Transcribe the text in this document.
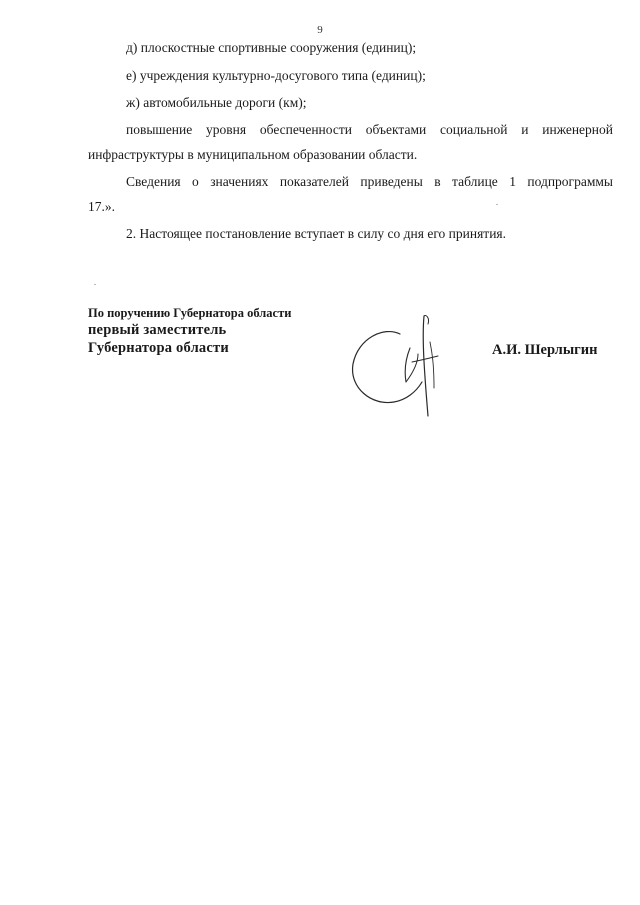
9
д) плоскостные спортивные сооружения (единиц);
е) учреждения культурно-досугового типа (единиц);
ж) автомобильные дороги (км);
повышение уровня обеспеченности объектами социальной и инженерной
инфраструктуры в муниципальном образовании области.
Сведения о значениях показателей приведены в таблице 1 подпрограммы
17.».
2. Настоящее постановление вступает в силу со дня его принятия.
По поручению Губернатора области
первый заместитель
Губернатора области	А.И. Шерлыгин
